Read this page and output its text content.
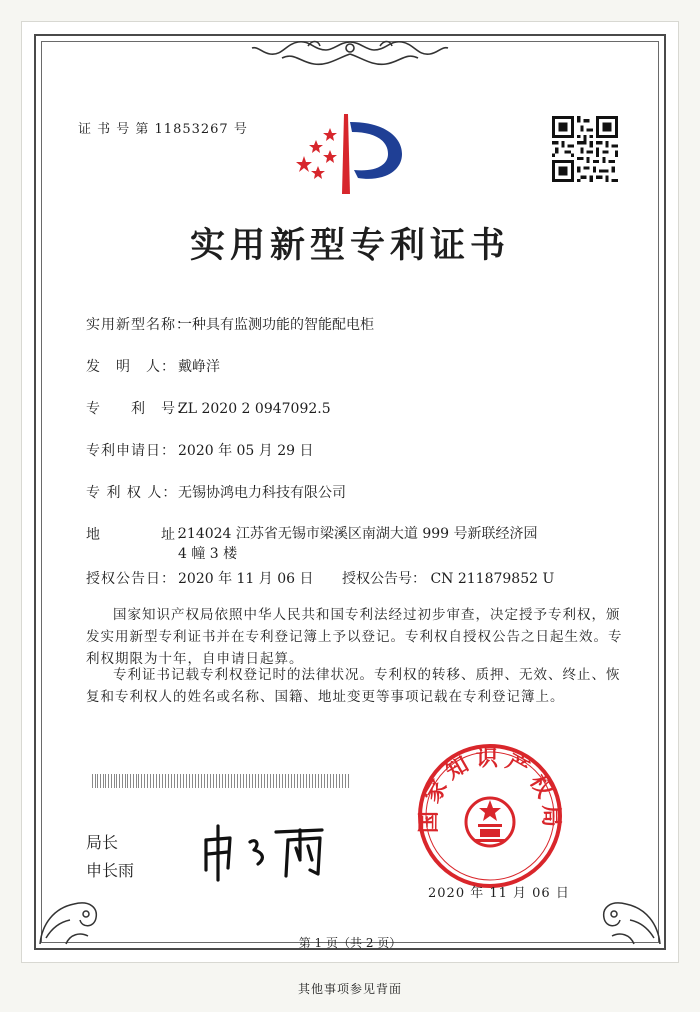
证 书 号 第 11853267 号
实用新型专利证书
实用新型名称：一种具有监测功能的智能配电柜
发　明　人： 戴峥洋
专　　利　号：ZL 2020 2 0947092.5
专利申请日： 2020 年 05 月 29 日
专 利 权 人：无锡协鸿电力科技有限公司
地　　　　址：
214024 江苏省无锡市梁溪区南湖大道 999 号新联经济园 4 幢 3 楼
授权公告日： 2020 年 11 月 06 日 授权公告号： CN 211879852 U
国家知识产权局依照中华人民共和国专利法经过初步审查，决定授予专利权，颁发实用新型专利证书并在专利登记簿上予以登记。专利权自授权公告之日起生效。专利权期限为十年，自申请日起算。
专利证书记载专利权登记时的法律状况。专利权的转移、质押、无效、终止、恢复和专利权人的姓名或名称、国籍、地址变更等事项记载在专利登记簿上。
局长
申长雨
国家知识产权局
2020 年 11 月 06 日
第 1 页（共 2 页）
其他事项参见背面
